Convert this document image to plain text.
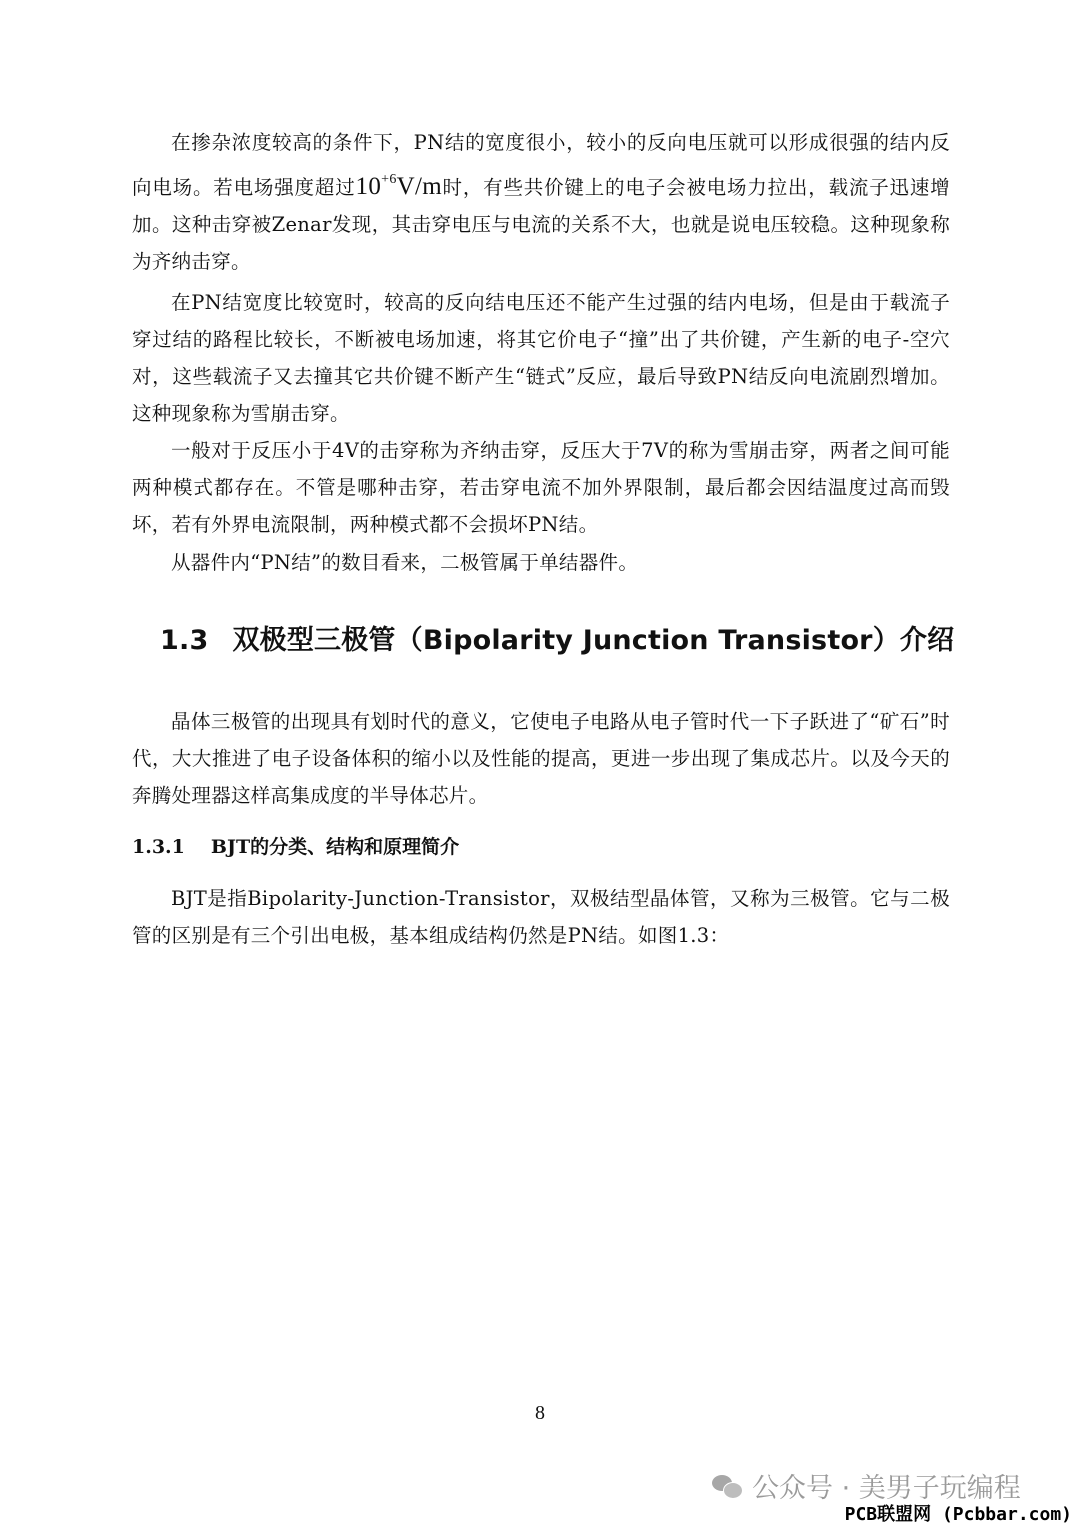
在掺杂浓度较高的条件下，PN结的宽度很小，较小的反向电压就可以形成很强的结内反向电场。若电场强度超过$10^{+6}V/m$时，有些共价键上的电子会被电场力拉出，载流子迅速增加。这种击穿被Zenar发现，其击穿电压与电流的关系不大，也就是说电压较稳。这种现象称为齐纳击穿。

在PN结宽度比较宽时，较高的反向结电压还不能产生过强的结内电场，但是由于载流子穿过结的路程比较长，不断被电场加速，将其它价电子“撞”出了共价键，产生新的电子-空穴对，这些载流子又去撞其它共价键不断产生“链式”反应，最后导致PN结反向电流剧烈增加。这种现象称为雪崩击穿。

一般对于反压小于4V的击穿称为齐纳击穿，反压大于7V的称为雪崩击穿，两者之间可能两种模式都存在。不管是哪种击穿，若击穿电流不加外界限制，最后都会因结温度过高而毁坏，若有外界电流限制，两种模式都不会损坏PN结。

从器件内“PN结”的数目看来，二极管属于单结器件。

1.3 双极型三极管（Bipolarity Junction Transistor）介绍

晶体三极管的出现具有划时代的意义，它使电子电路从电子管时代一下子跃进了“矿石”时代，大大推进了电子设备体积的缩小以及性能的提高，更进一步出现了集成芯片。以及今天的奔腾处理器这样高集成度的半导体芯片。

1.3.1 BJT的分类、结构和原理简介

BJT是指Bipolarity-Junction-Transistor，双极结型晶体管，又称为三极管。它与二极管的区别是有三个引出电极，基本组成结构仍然是PN结。如图1.3：

8
公众号 · 美男子玩编程
PCB联盟网 (Pcbbar.com)
